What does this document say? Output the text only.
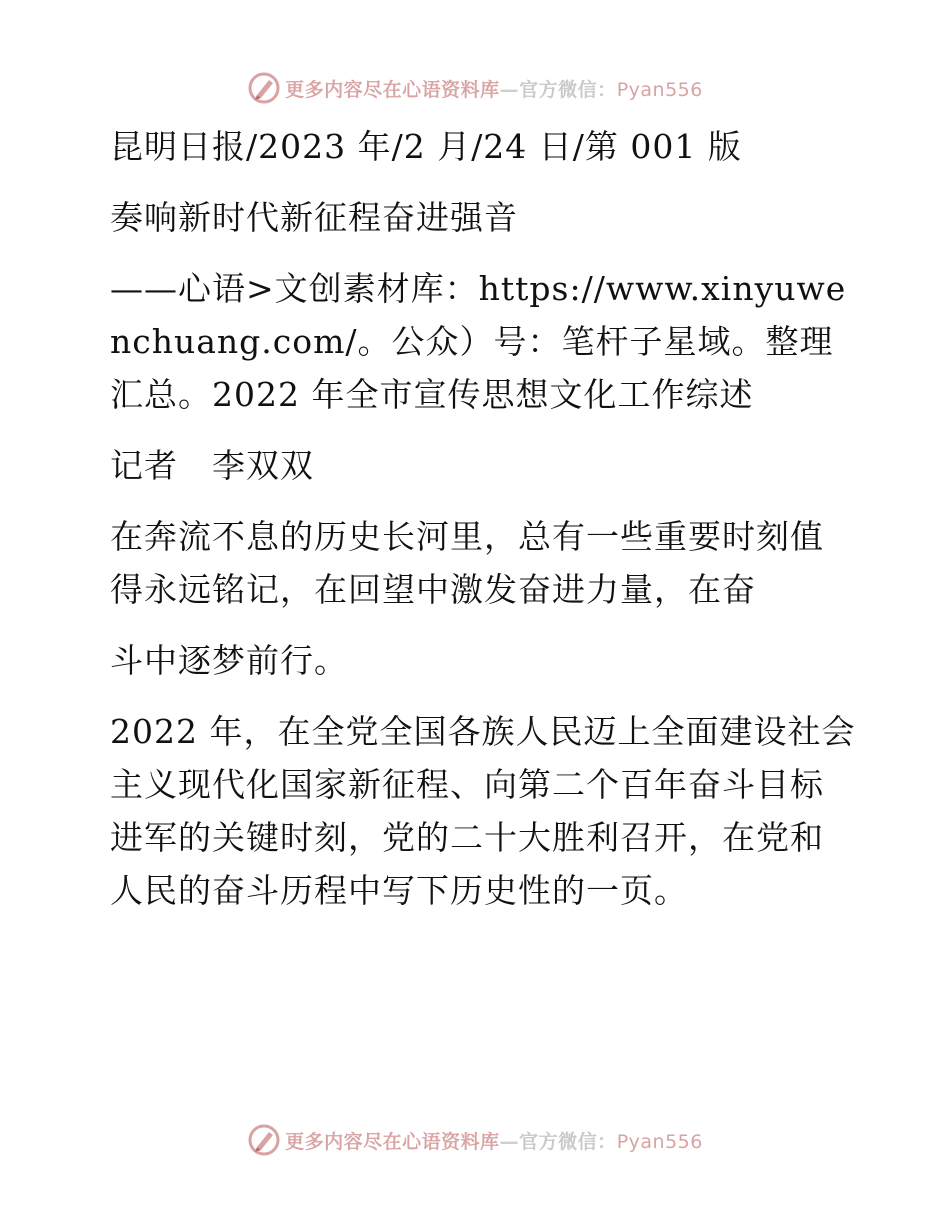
更多内容尽在心语资料库—官方微信：Pyan556

昆明日报/2023 年/2 月/24 日/第 001 版

奏响新时代新征程奋进强音

——心语>文创素材库：https://www.xinyuwenchuang.com/。公众）号：笔杆子星域。整理汇总。2022 年全市宣传思想文化工作综述

记者　李双双

在奔流不息的历史长河里，总有一些重要时刻值得永远铭记，在回望中激发奋进力量，在奋

斗中逐梦前行。

2022 年，在全党全国各族人民迈上全面建设社会主义现代化国家新征程、向第二个百年奋斗目标进军的关键时刻，党的二十大胜利召开，在党和人民的奋斗历程中写下历史性的一页。

更多内容尽在心语资料库—官方微信：Pyan556
